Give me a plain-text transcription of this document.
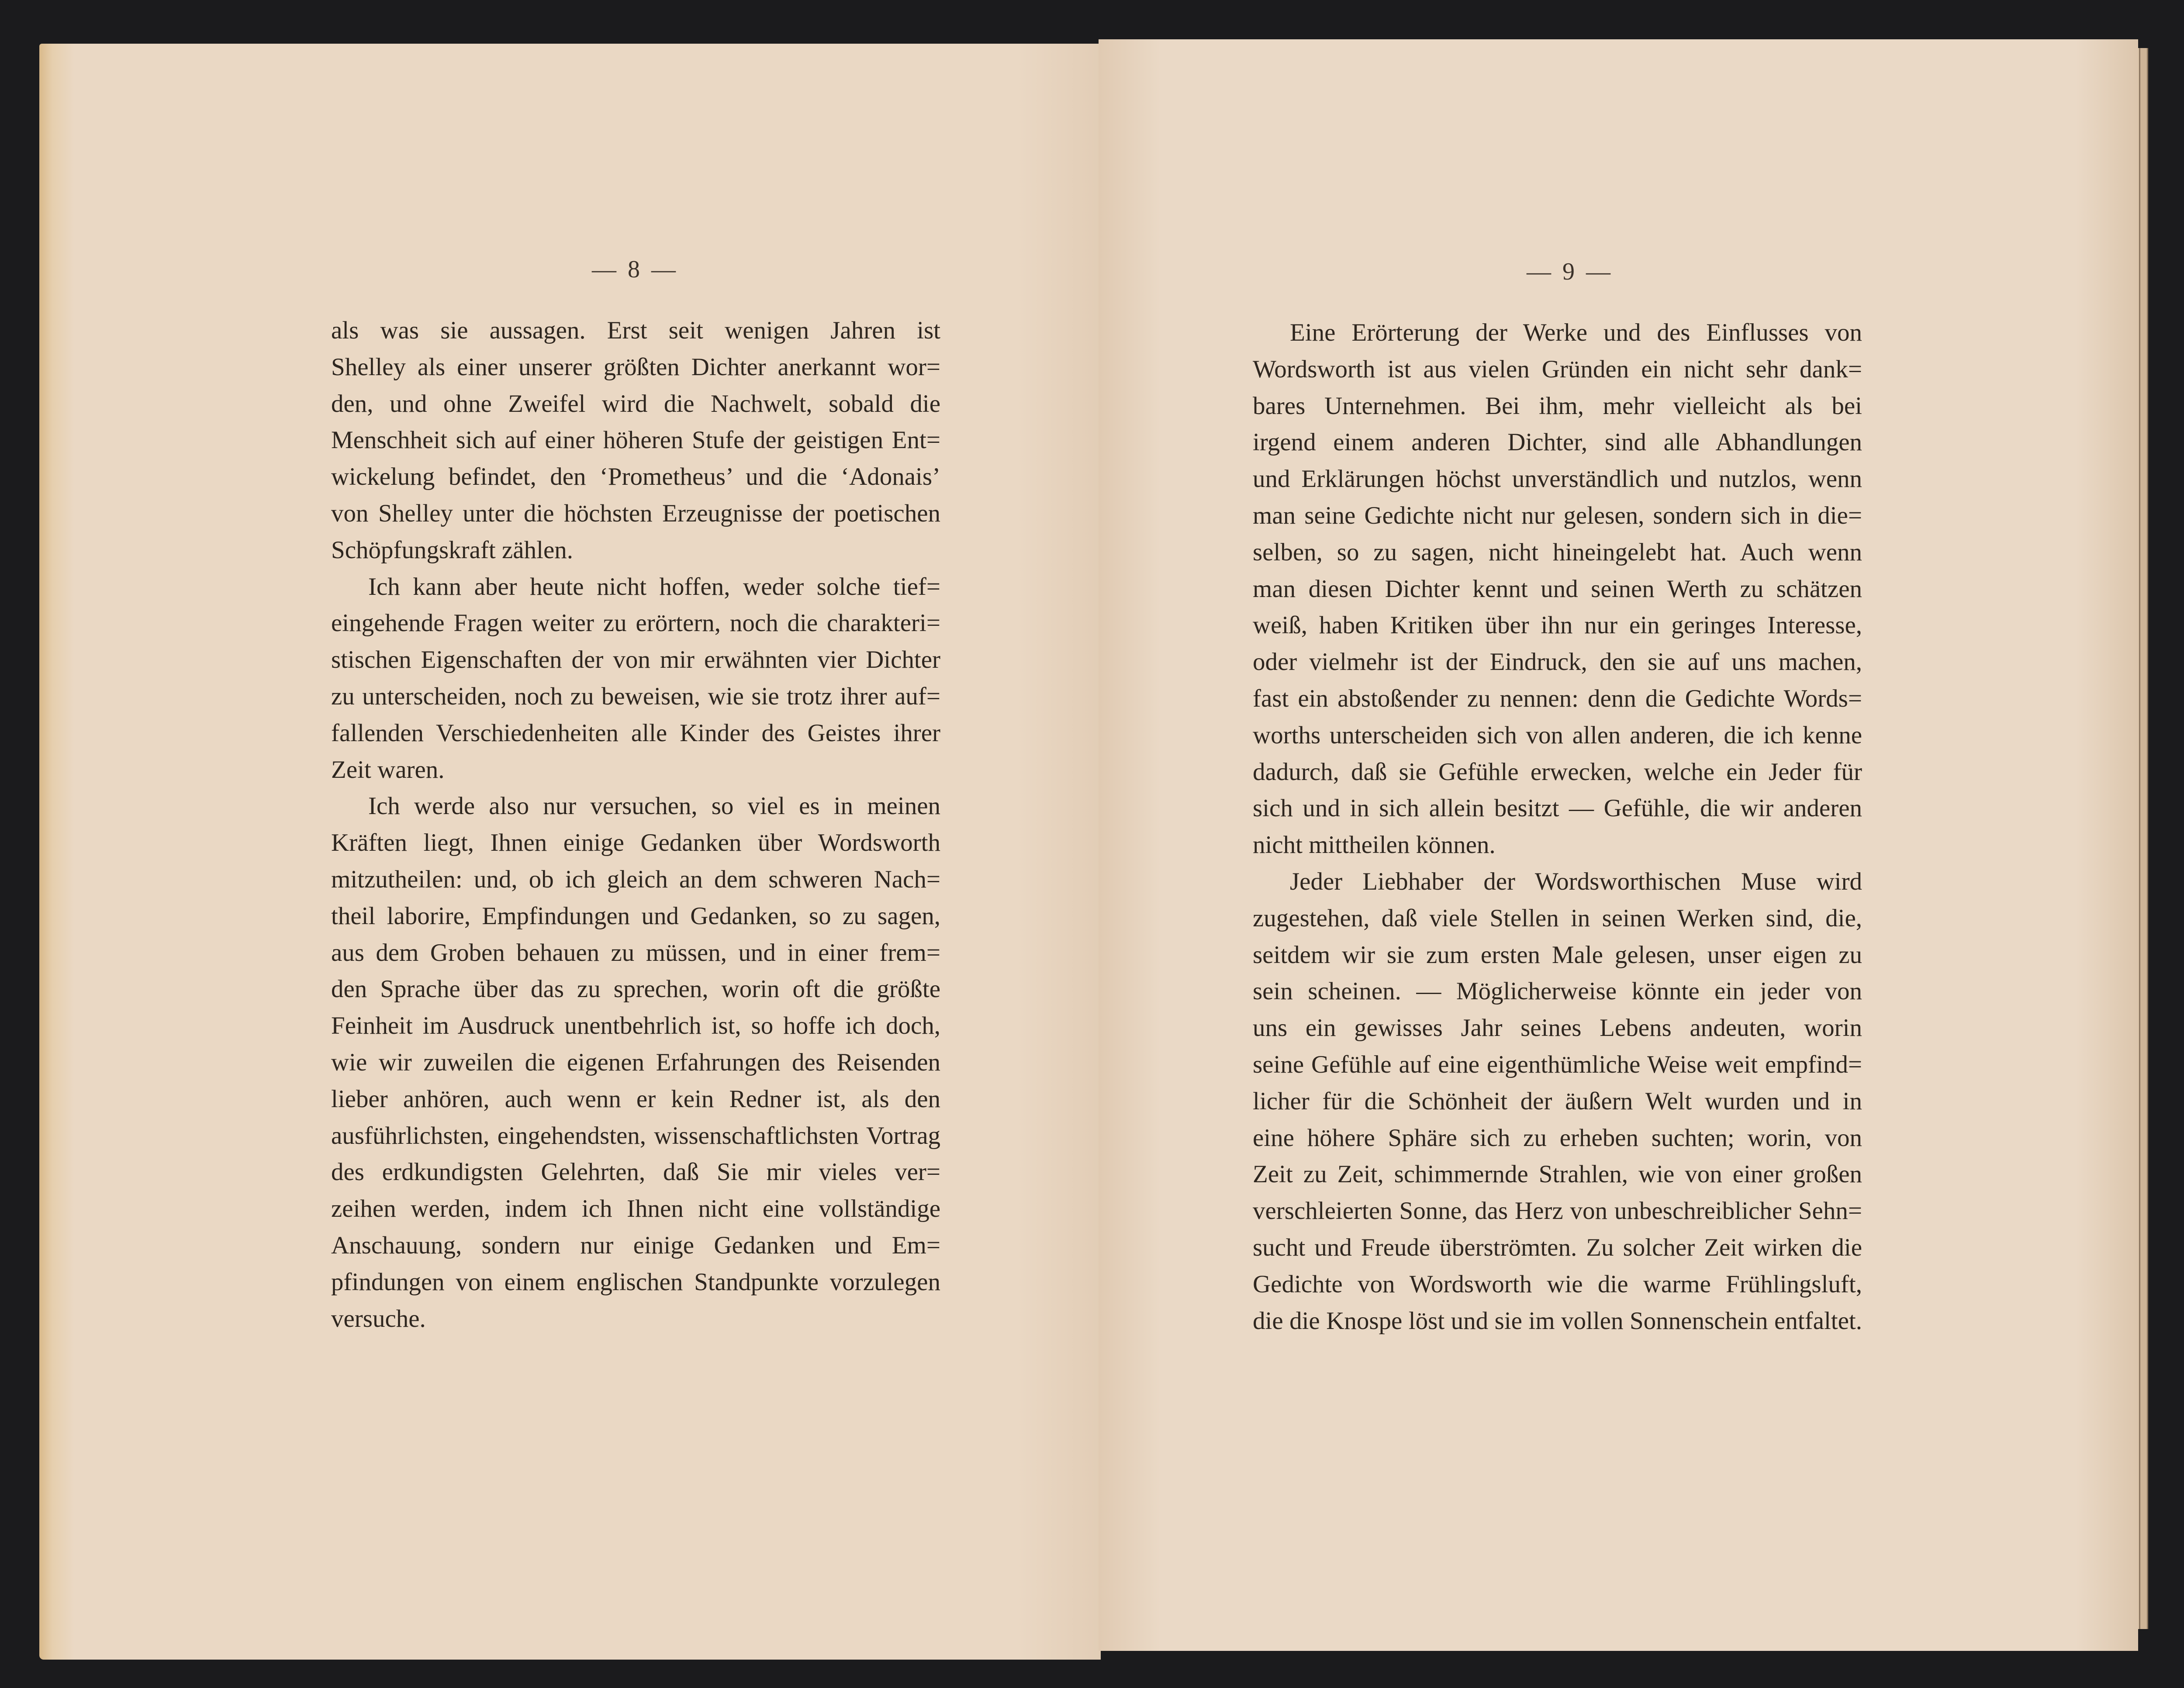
— 8 —	— 9 —
als was sie aussagen. Erst seit wenigen Jahren ist
Shelley als einer unserer größten Dichter anerkannt wor=
den, und ohne Zweifel wird die Nachwelt, sobald die
Menschheit sich auf einer höheren Stufe der geistigen Ent=
wickelung befindet, den ‘Prometheus’ und die ‘Adonais’
von Shelley unter die höchsten Erzeugnisse der poetischen
Schöpfungskraft zählen.
Ich kann aber heute nicht hoffen, weder solche tief=
eingehende Fragen weiter zu erörtern, noch die charakteri=
stischen Eigenschaften der von mir erwähnten vier Dichter
zu unterscheiden, noch zu beweisen, wie sie trotz ihrer auf=
fallenden Verschiedenheiten alle Kinder des Geistes ihrer
Zeit waren.
Ich werde also nur versuchen, so viel es in meinen
Kräften liegt, Ihnen einige Gedanken über Wordsworth
mitzutheilen: und, ob ich gleich an dem schweren Nach=
theil laborire, Empfindungen und Gedanken, so zu sagen,
aus dem Groben behauen zu müssen, und in einer frem=
den Sprache über das zu sprechen, worin oft die größte
Feinheit im Ausdruck unentbehrlich ist, so hoffe ich doch,
wie wir zuweilen die eigenen Erfahrungen des Reisenden
lieber anhören, auch wenn er kein Redner ist, als den
ausführlichsten, eingehendsten, wissenschaftlichsten Vortrag
des erdkundigsten Gelehrten, daß Sie mir vieles ver=
zeihen werden, indem ich Ihnen nicht eine vollständige
Anschauung, sondern nur einige Gedanken und Em=
pfindungen von einem englischen Standpunkte vorzulegen
versuche.
Eine Erörterung der Werke und des Einflusses von
Wordsworth ist aus vielen Gründen ein nicht sehr dank=
bares Unternehmen. Bei ihm, mehr vielleicht als bei
irgend einem anderen Dichter, sind alle Abhandlungen
und Erklärungen höchst unverständlich und nutzlos, wenn
man seine Gedichte nicht nur gelesen, sondern sich in die=
selben, so zu sagen, nicht hineingelebt hat. Auch wenn
man diesen Dichter kennt und seinen Werth zu schätzen
weiß, haben Kritiken über ihn nur ein geringes Interesse,
oder vielmehr ist der Eindruck, den sie auf uns machen,
fast ein abstoßender zu nennen: denn die Gedichte Words=
worths unterscheiden sich von allen anderen, die ich kenne
dadurch, daß sie Gefühle erwecken, welche ein Jeder für
sich und in sich allein besitzt — Gefühle, die wir anderen
nicht mittheilen können.
Jeder Liebhaber der Wordsworthischen Muse wird
zugestehen, daß viele Stellen in seinen Werken sind, die,
seitdem wir sie zum ersten Male gelesen, unser eigen zu
sein scheinen. — Möglicherweise könnte ein jeder von
uns ein gewisses Jahr seines Lebens andeuten, worin
seine Gefühle auf eine eigenthümliche Weise weit empfind=
licher für die Schönheit der äußern Welt wurden und in
eine höhere Sphäre sich zu erheben suchten; worin, von
Zeit zu Zeit, schimmernde Strahlen, wie von einer großen
verschleierten Sonne, das Herz von unbeschreiblicher Sehn=
sucht und Freude überströmten. Zu solcher Zeit wirken die
Gedichte von Wordsworth wie die warme Frühlingsluft,
die die Knospe löst und sie im vollen Sonnenschein entfaltet.
